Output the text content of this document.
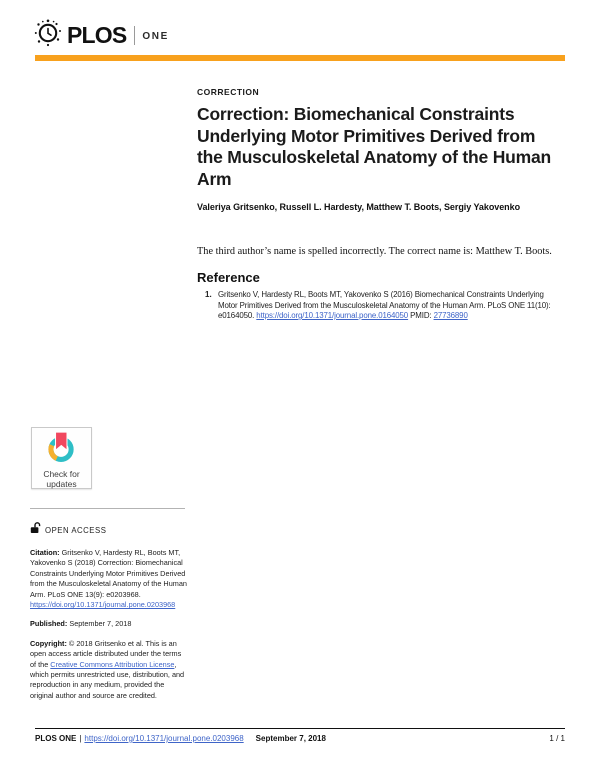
PLOS ONE
CORRECTION
Correction: Biomechanical Constraints Underlying Motor Primitives Derived from the Musculoskeletal Anatomy of the Human Arm
Valeriya Gritsenko, Russell L. Hardesty, Matthew T. Boots, Sergiy Yakovenko

The third author’s name is spelled incorrectly. The correct name is: Matthew T. Boots.

Reference
1. Gritsenko V, Hardesty RL, Boots MT, Yakovenko S (2016) Biomechanical Constraints Underlying Motor Primitives Derived from the Musculoskeletal Anatomy of the Human Arm. PLoS ONE 11(10): e0164050. https://doi.org/10.1371/journal.pone.0164050 PMID: 27736890
Check for
updates
OPEN ACCESS

Citation: Gritsenko V, Hardesty RL, Boots MT, Yakovenko S (2018) Correction: Biomechanical Constraints Underlying Motor Primitives Derived from the Musculoskeletal Anatomy of the Human Arm. PLoS ONE 13(9): e0203968. https://doi.org/10.1371/journal.pone.0203968

Published: September 7, 2018

Copyright: © 2018 Gritsenko et al. This is an open access article distributed under the terms of the Creative Commons Attribution License, which permits unrestricted use, distribution, and reproduction in any medium, provided the original author and source are credited.

PLOS ONE | https://doi.org/10.1371/journal.pone.0203968 September 7, 2018	1 / 1
